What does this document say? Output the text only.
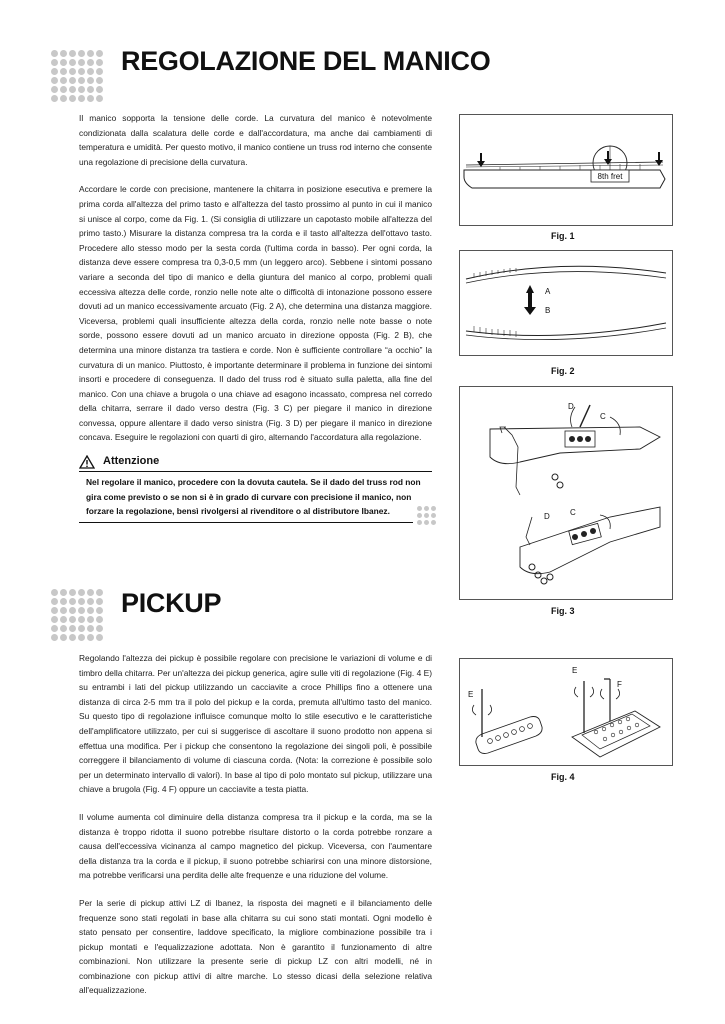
REGOLAZIONE DEL MANICO

Il manico sopporta la tensione delle corde. La curvatura del manico è notevolmente condizionata dalla scalatura delle corde e dall'accordatura, ma anche dai cambiamenti di temperatura e umidità. Per questo motivo, il manico contiene un truss rod interno che consente una regolazione di precisione della curvatura.

Accordare le corde con precisione, mantenere la chitarra in posizione esecutiva e premere la prima corda all'altezza del primo tasto e all'altezza del tasto prossimo al punto in cui il manico si unisce al corpo, come da Fig. 1. (Si consiglia di utilizzare un capotasto mobile all'altezza del primo tasto.) Misurare la distanza compresa tra la corda e il tasto all'altezza dell'ottavo tasto. Procedere allo stesso modo per la sesta corda (l'ultima corda in basso). Per ogni corda, la distanza deve essere compresa tra 0,3-0,5 mm (un leggero arco). Sebbene i sintomi possano variare a seconda del tipo di manico e della giuntura del manico al corpo, problemi quali eccessiva altezza delle corde, ronzio nelle note alte o difficoltà di intonazione possono essere dovuti ad un manico eccessivamente arcuato (Fig. 2 A), che determina una distanza maggiore. Viceversa, problemi quali insufficiente altezza della corda, ronzio nelle note basse o note sorde, possono essere dovuti ad un manico arcuato in direzione opposta (Fig. 2 B), che determina una minore distanza tra tastiera e corde. Non è sufficiente controllare “a occhio” la curvatura di un manico. Piuttosto, è importante determinare il problema in funzione dei sintomi insorti e procedere di conseguenza. Il dado del truss rod è situato sulla paletta, alla fine del manico. Con una chiave a brugola o una chiave ad esagono incassato, compresa nel corredo della chitarra, serrare il dado verso destra (Fig. 3 C) per piegare il manico in direzione convessa, oppure allentare il dado verso sinistra (Fig. 3 D) per piegare il manico in direzione concava. Eseguire le regolazioni con quarti di giro, alternando l'accordatura alla regolazione.

Attenzione

Nel regolare il manico, procedere con la dovuta cautela. Se il dado del truss rod non gira come previsto o se non si è in grado di curvare con precisione il manico, non forzare la regolazione, bensì rivolgersi al rivenditore o al distributore Ibanez.

PICKUP

Regolando l'altezza dei pickup è possibile regolare con precisione le variazioni di volume e di timbro della chitarra. Per un'altezza dei pickup generica, agire sulle viti di regolazione (Fig. 4 E) su entrambi i lati del pickup utilizzando un cacciavite a croce Phillips fino a ottenere una distanza di circa 2-5 mm tra il polo del pickup e la corda, premuta all'ultimo tasto del manico. Su questo tipo di regolazione influisce comunque molto lo stile esecutivo e le caratteristiche dell'amplificatore utilizzato, per cui si suggerisce di ascoltare il suono prodotto non appena si effettua una modifica. Per i pickup che consentono la regolazione dei singoli poli, è possibile correggere il bilanciamento di volume di ciascuna corda. (Nota: la correzione è possibile solo per un determinato intervallo di valori). In base al tipo di polo montato sul pickup, utilizzare una chiave a brugola (Fig. 4 F) oppure un cacciavite a testa piatta.

Il volume aumenta col diminuire della distanza compresa tra il pickup e la corda, ma se la distanza è troppo ridotta il suono potrebbe risultare distorto o la corda potrebbe ronzare a causa dell'eccessiva vicinanza al campo magnetico del pickup. Viceversa, con l'aumentare della distanza tra la corda e il pickup, il suono potrebbe schiarirsi con una minore distorsione, ma potrebbe verificarsi una perdita delle alte frequenze e una riduzione del volume.

Per la serie di pickup attivi LZ di Ibanez, la risposta dei magneti e il bilanciamento delle frequenze sono stati regolati in base alla chitarra su cui sono stati montati. Ogni modello è stato pensato per consentire, laddove specificato, la migliore combinazione possibile tra i pickup montati e l'equalizzazione adottata. Non è garantito il funzionamento di altre combinazioni. Non utilizzare la presente serie di pickup LZ con altri modelli, né in combinazione con pickup attivi di altre marche. Lo stesso dicasi della selezione relativa all'equalizzazione.

8th fret
Fig. 1
A
B
Fig. 2
C
D
C
D
Fig. 3
E
E
F
Fig. 4
